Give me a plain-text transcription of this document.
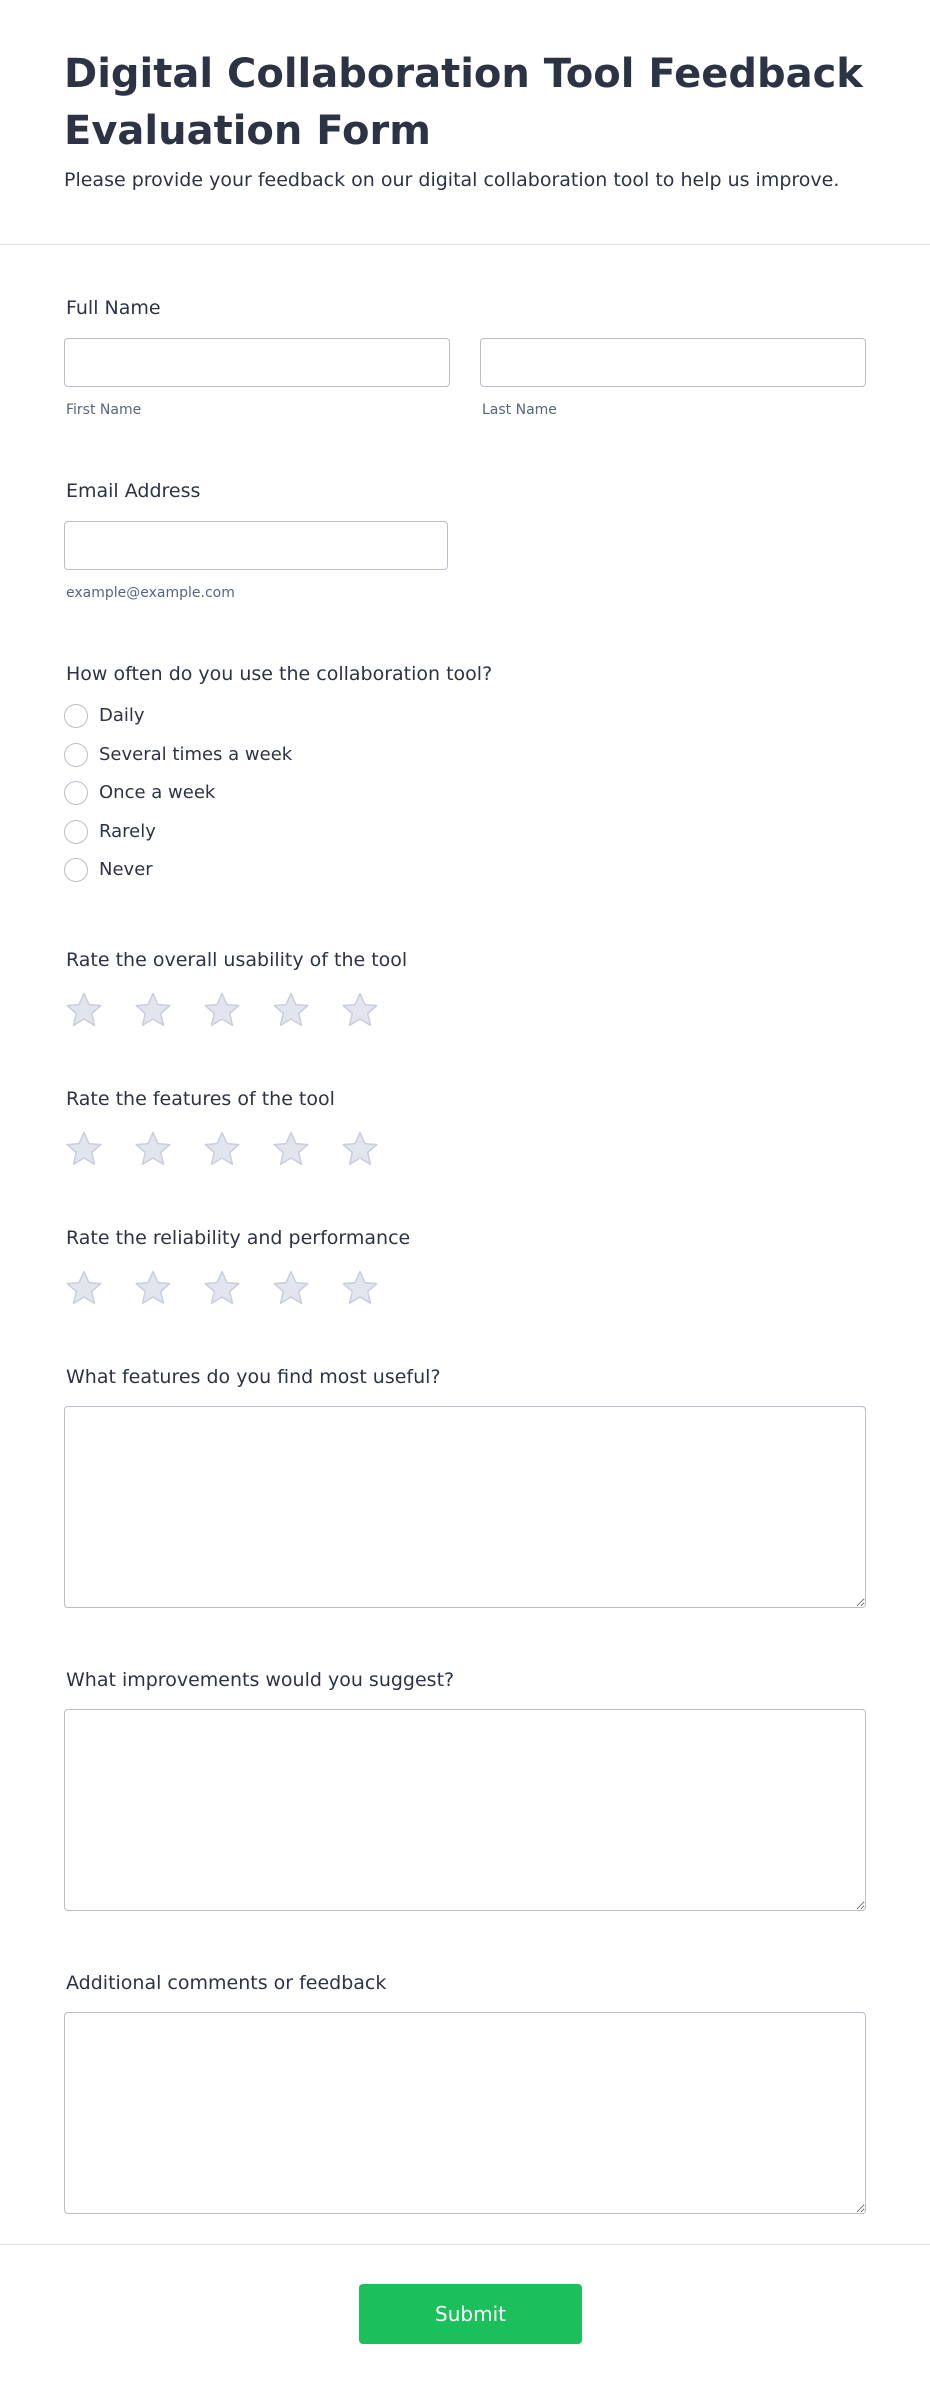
Digital Collaboration Tool Feedback Evaluation Form

Please provide your feedback on our digital collaboration tool to help us improve.

Full Name
First Name	Last Name
Email Address
example@example.com
How often do you use the collaboration tool?
Daily
Several times a week
Once a week
Rarely
Never
Rate the overall usability of the tool
Rate the features of the tool
Rate the reliability and performance
What features do you find most useful?
What improvements would you suggest?
Additional comments or feedback
Submit
